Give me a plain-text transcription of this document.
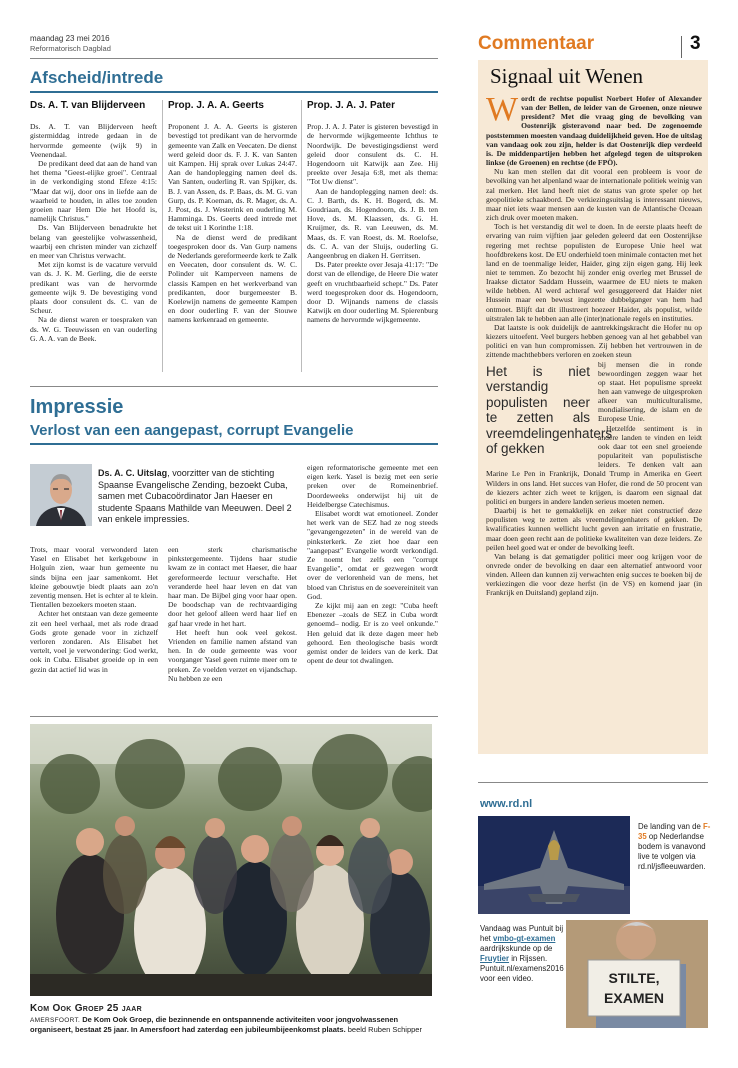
maandag 23 mei 2016
Reformatorisch Dagblad
Afscheid/intrede
Ds. A. T. van Blijderveen

Ds. A. T. van Blijderveen heeft gistermiddag intrede gedaan in de hervormde gemeente (wijk 9) in Veenendaal.

De predikant deed dat aan de hand van het thema "Geest-elijke groei". Centraal in de verkondiging stond Efeze 4:15: "Maar dat wij, door ons in liefde aan de waarheid te houden, in alles toe zouden groeien naar Hem Die het Hoofd is, namelijk Christus."

Ds. Van Blijderveen benadrukte het belang van geestelijke volwassenheid, waarbij een christen minder van zichzelf en meer van Christus verwacht.

Met zijn komst is de vacature vervuld van ds. J. K. M. Gerling, die de eerste predikant was van de hervormde gemeente wijk 9. De bevestiging vond plaats door consulent ds. C. van de Scheur.

Na de dienst waren er toespraken van ds. W. G. Teeuwissen en van ouderling G. A. A. van de Beek.

Prop. J. A. A. Geerts

Proponent J. A. A. Geerts is gisteren bevestigd tot predikant van de hervormde gemeente van Zalk en Veecaten. De dienst werd geleid door ds. F. J. K. van Santen uit Kampen. Hij sprak over Lukas 24:47. Aan de handoplegging namen deel ds. Van Santen, ouderling R. van Spijker, ds. B. J. van Assen, ds. P. Baas, ds. M. G. van Gurp, ds. P. Koeman, ds. R. Mager, ds. A. J. Post, ds. J. Westerink en ouderling M. Hammingа. Ds. Geerts deed intrede met de tekst uit 1 Korinthe 1:18.

Na de dienst werd de predikant toegesproken door ds. Van Gurp namens de Nederlands gereformeerde kerk te Zalk en Veecaten, door consulent ds. W. C. Polinder uit Kamperveen namens de classis Kampen en het werkverband van predikanten, door burgemeester B. Koelewijn namens de gemeente Kampen en door ouderling F. van der Stouwe namens kerkenraad en gemeente.

Prop. J. A. J. Pater

Prop. J. A. J. Pater is gisteren bevestigd in de hervormde wijkgemeente Ichthus te Noordwijk. De bevestigingsdienst werd geleid door consulent ds. C. H. Hogendoorn uit Katwijk aan Zee. Hij preekte over Jesaja 6:8, met als thema: "Tot Uw dienst".

Aan de handoplegging namen deel: ds. C. J. Barth, ds. K. H. Bogerd, ds. M. Goudriaan, ds. Hogendoorn, ds. J. B. ten Hove, ds. M. Klaassen, ds. G. H. Kruijmer, ds. R. van Leeuwen, ds. M. Maas, ds. F. van Roest, ds. M. Roelofse, ds. C. A. van der Sluijs, ouderling G. Aangeenbrug en diaken H. Gerritsen.

Ds. Pater preekte over Jesaja 41:17: "De dorst van de ellendige, de Heere Die water geeft en vruchtbaarheid schept." Ds. Pater werd toegesproken door ds. Hogendoorn, door D. Wijnands namens de classis Katwijk en door ouderling M. Spierenburg namens de hervormde wijkgemeente.

Impressie
Verlost van een aangepast, corrupt Evangelie
Ds. A. C. Uitslag, voorzitter van de stichting Spaanse Evangelische Zending, bezoekt Cuba, samen met Cubacoördinator Jan Haeser en studente Spaans Mathilde van Meeuwen. Deel 2 van enkele impressies.

Trots, maar vooral verwonderd laten Yasel en Elisabet het kerkgebouw in Holguín zien, waar hun gemeente nu sinds bijna een jaar samenkomt. Het kleine gebouwtje biedt plaats aan zo'n zeventig mensen. Het is echter al te klein. Tientallen bezoekers moeten staan.

Achter het ontstaan van deze gemeente zit een heel verhaal, met als rode draad Gods grote genade voor in zichzelf verloren zondaren. Als Elisabet het vertelt, voel je verwondering: God werkt, ook in Cuba. Elisabet groeide op in een gezin dat actief lid was in

een sterk charismatische pinkstergemeente. Tijdens haar studie kwam ze in contact met Haeser, die haar gereformeerde lectuur verschafte. Het veranderde heel haar leven en dat van haar man. De Bijbel ging voor haar open. De boodschap van de rechtvaardiging door het geloof alleen werd haar lief en gaf haar vrede in het hart.

Het heeft hun ook veel gekost. Vrienden en familie namen afstand van hen. In de oude gemeente was voor voorganger Yasel geen ruimte meer om te preken. Ze voelden verzet en vijandschap. Nu hebben ze een

eigen reformatorische gemeente met een eigen kerk. Yasel is bezig met een serie preken over de Romeinenbrief. Doordeweeks onderwijst hij uit de Heidelbergse Catechismus.

Elisabet wordt wat emotioneel. Zonder het werk van de SEZ had ze nog steeds "gevangengezeten" in de wereld van de pinksterkerk. Ze ziet hoe daar een "aangepast" Evangelie wordt verkondigd. Ze noemt het zelfs een "corrupt Evangelie", omdat er gezwegen wordt over de verlorenheid van de mens, het bloed van Christus en de soevereiniteit van God.

Ze kijkt mij aan en zegt: "Cuba heeft Ebenezer –zoals de SEZ in Cuba wordt genoemd– nodig. Er is zo veel onkunde." Hen geluid dat ik deze dagen meer heb gehoord. Een theologische basis wordt gemist onder de leiders van de kerk. Dat opent de deur tot dwalingen.

Kom Ook Groep 25 jaar
AMERSFOORT. De Kom Ook Groep, die bezinnende en ontspannende activiteiten voor jongvolwassenen organiseert, bestaat 25 jaar. In Amersfoort had zaterdag een jubileumbijeenkomst plaats. beeld Ruben Schipper
Commentaar	3
Signaal uit Wenen

Wordt de rechtse populist Norbert Hofer of Alexander van der Bellen, de leider van de Groenen, onze nieuwe president? Met die vraag ging de bevolking van Oostenrijk gisteravond naar bed. De zogenoemde poststemmen moesten vandaag duidelijkheid geven. Hoe de uitslag van vandaag ook zou zijn, helder is dat Oostenrijk diep verdeeld is. De middenpartijen hebben het afgelegd tegen de uitsproken linkse (de Groenen) en rechtse (de FPÖ).

Nu kan men stellen dat dit vooral een probleem is voor de bevolking van het alpenland waar de internationale politiek weinig van zal merken. Het land heeft niet de status van grote speler op het geopolitieke schaakbord. De verkiezingsuitslag is interessant nieuws, maar niet iets waar mensen aan de kusten van de Atlantische Oceaan zich druk over moeten maken.

Toch is het verstandig dit wel te doen. In de eerste plaats heeft de ervaring van ruim vijftien jaar geleden geleerd dat een Oostenrijkse regering met rechtse populisten de Europese Unie heel wat hoofdbrekens kost. De EU onderhield toen minimale contacten met het land en de toenmalige leider, Haider, ging zijn eigen gang. Hij leek niet te temmen. Zo bezocht hij zonder enig overleg met Brussel de Iraakse dictator Saddam Hussein, waarmee de EU niets te maken wilde hebben. Al werd achteraf wel gesuggereerd dat Haider niet Hussein maar een bewust ingezette dubbelganger van hem had ontmoet. Blijft dat dit illustreert hoezeer Haider, als populist, wilde uitstralen lak te hebben aan alle (inter)nationale regels en instituties.

Dat laatste is ook duidelijk de aantrekkingskracht die Hofer nu op kiezers uitoefent. Veel burgers hebben genoeg van al het gebabbel van politici en van hun compromissen. Zij hebben het vertrouwen in de zittende machthebbers verloren en zoeken steun

Het is niet verstandig populisten neer te zetten als vreemdelingenhaters of gekken

bij mensen die in ronde bewoordingen zeggen waar het op staat. Het populisme spreekt hen aan vanwege de uitgesproken afkeer van multiculturalisme, mondialisering, de islam en de Europese Unie.

Hetzelfde sentiment is in andere landen te vinden en leidt ook daar tot een snel groeiende populariteit van populistische leiders. Te denken valt aan Marine Le Pen in Frankrijk, Donald Trump in Amerika en Geert Wilders in ons land. Het succes van Hofer, die rond de 50 procent van de kiezers achter zich weet te krijgen, is daarom een signaal dat politici en burgers in andere landen serieus moeten nemen.

Daarbij is het te gemakkelijk en zeker niet constructief deze populisten weg te zetten als vreemdelingenhaters of gekken. De kwalificaties kunnen wellicht lucht geven aan irritatie en frustratie, maar doen geen recht aan de politieke kwaliteiten van deze leiders. Ze peilen heel goed wat er onder de bevolking leeft.

Van belang is dat gematigder politici meer oog krijgen voor de onvrede onder de bevolking en daar een alternatief antwoord voor vinden. Alleen dan kunnen zij verwachten enig succes te boeken bij de verkiezingen die voor deze herfst (in de VS) en komend jaar (in Frankrijk en Duitsland) gepland zijn.

www.rd.nl
De landing van de F-35 op Nederlandse bodem is vanavond live te volgen via rd.nl/jsfleeuwarden.
Vandaag was Puntuit bij het vmbo-gt-examen aardrijkskunde op de Fruytier in Rijssen. Puntuit.nl/examens2016 voor een video.	STILTE,
EXAMEN
